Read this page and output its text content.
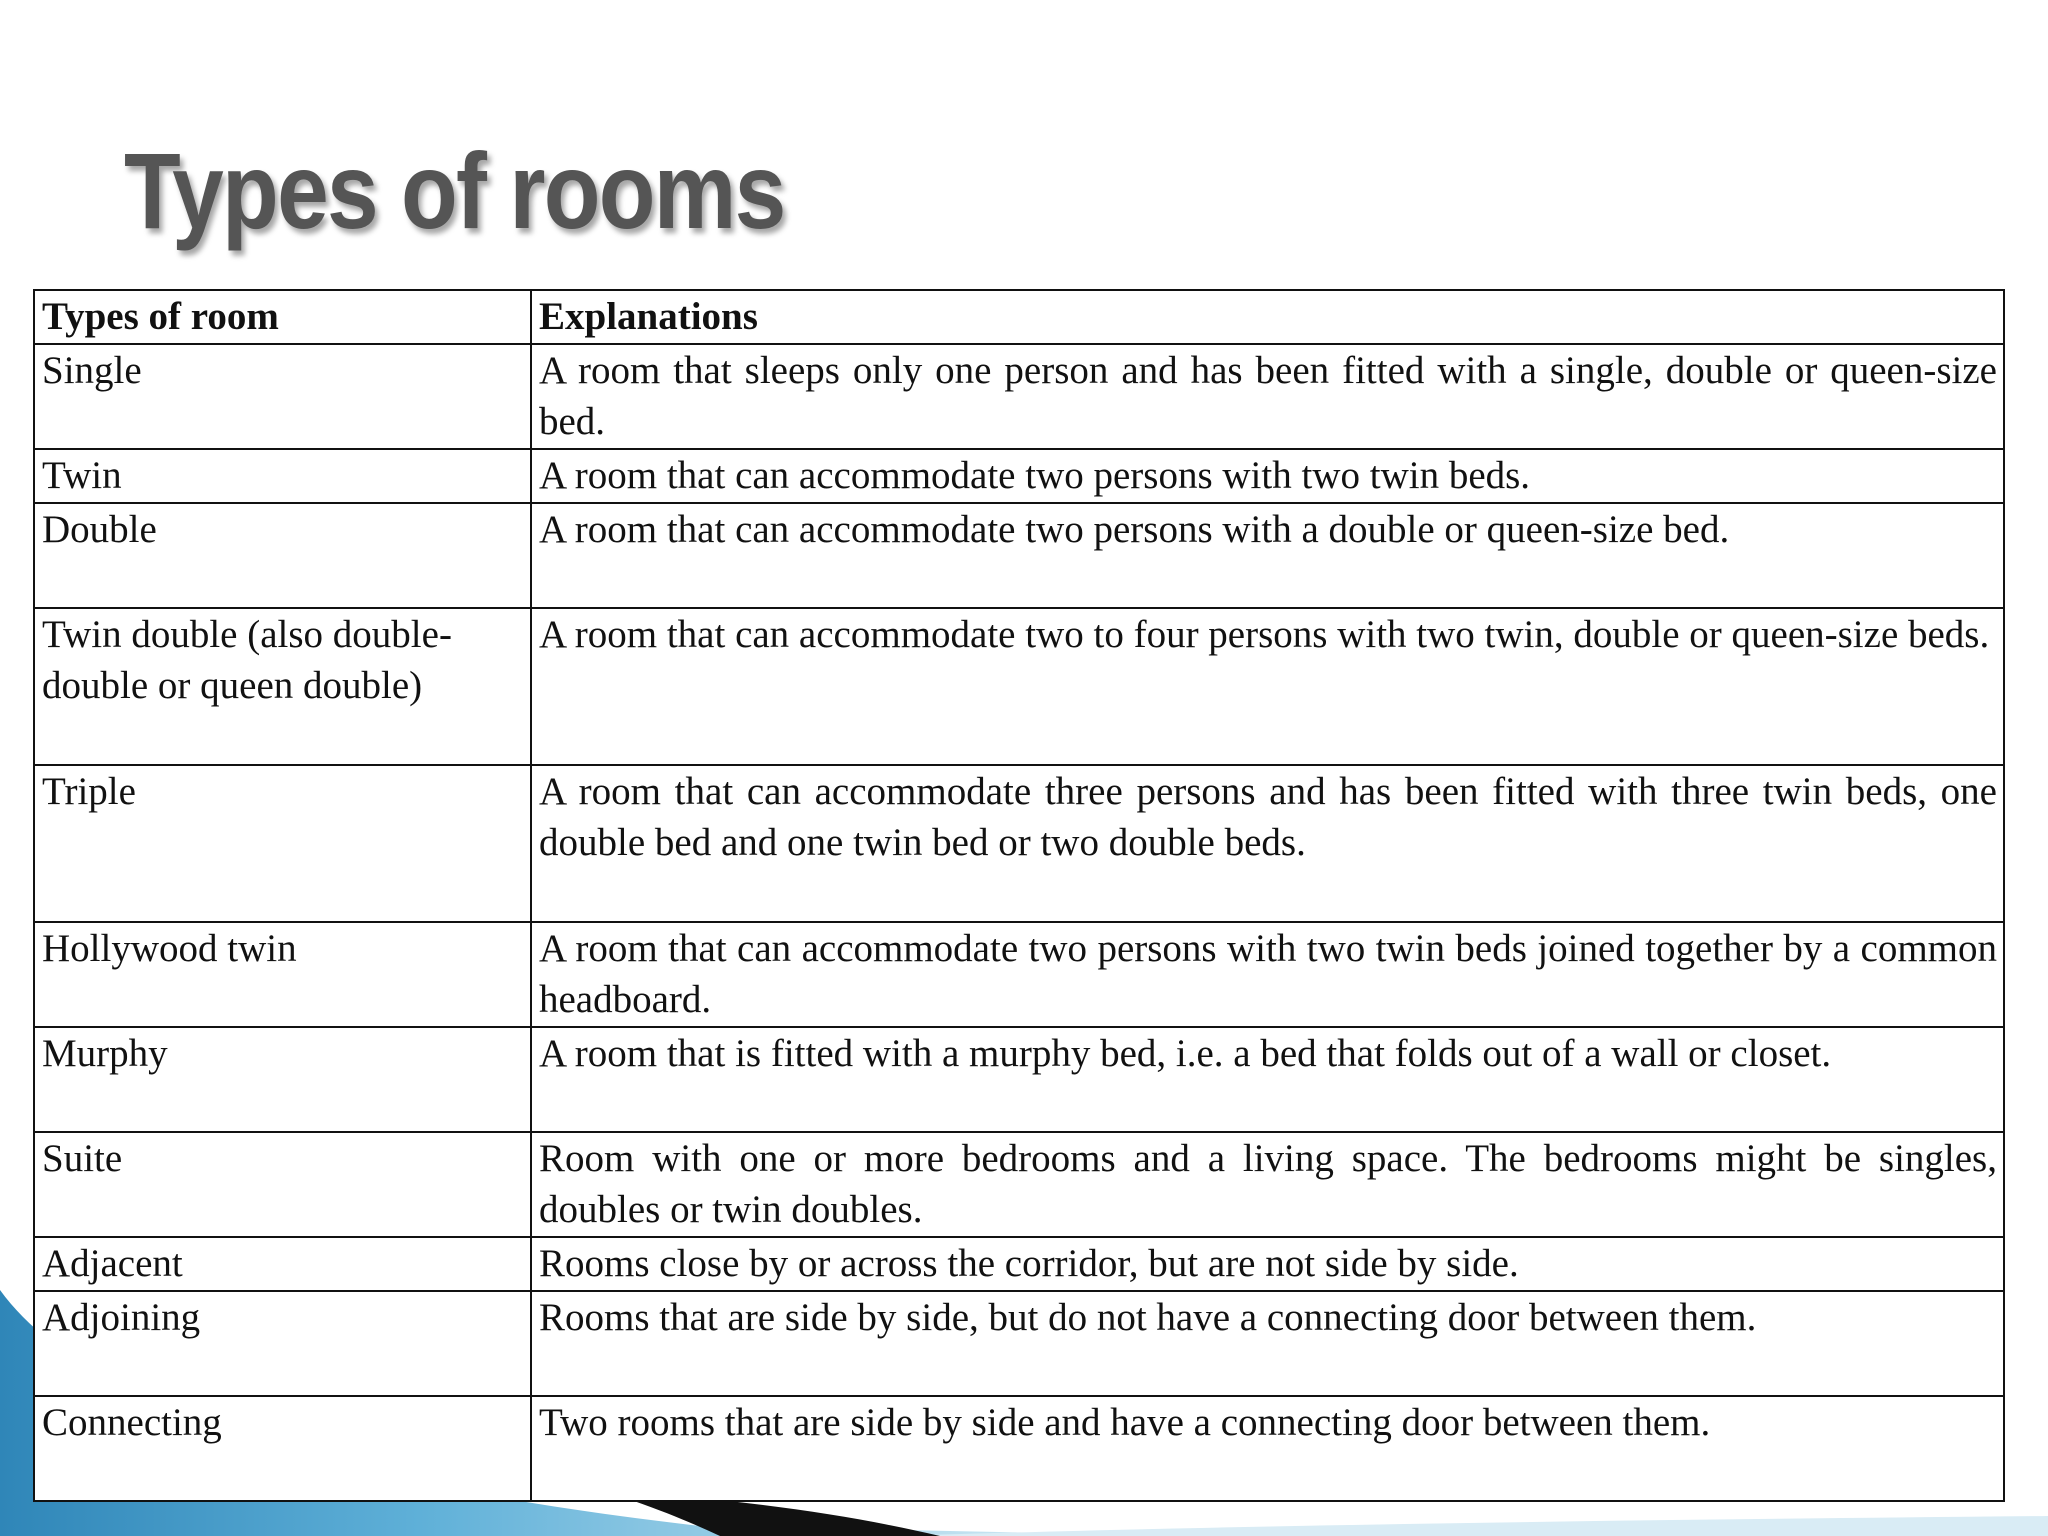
Types of rooms
Types of room	Explanations
Single	A room that sleeps only one person and has been fitted with a single, double or queen-size bed.
Twin	A room that can accommodate two persons with two twin beds.
Double	A room that can accommodate two persons with a double or queen-size bed.
Twin double (also double-double or queen double)	A room that can accommodate two to four persons with two twin, double or queen-size beds.
Triple	A room that can accommodate three persons and has been fitted with three twin beds, one double bed and one twin bed or two double beds.
Hollywood twin	A room that can accommodate two persons with two twin beds joined together by a common headboard.
Murphy	A room that is fitted with a murphy bed, i.e. a bed that folds out of a wall or closet.
Suite	Room with one or more bedrooms and a living space. The bedrooms might be singles, doubles or twin doubles.
Adjacent	Rooms close by or across the corridor, but are not side by side.
Adjoining	Rooms that are side by side, but do not have a connecting door between them.
Connecting	Two rooms that are side by side and have a connecting door between them.
